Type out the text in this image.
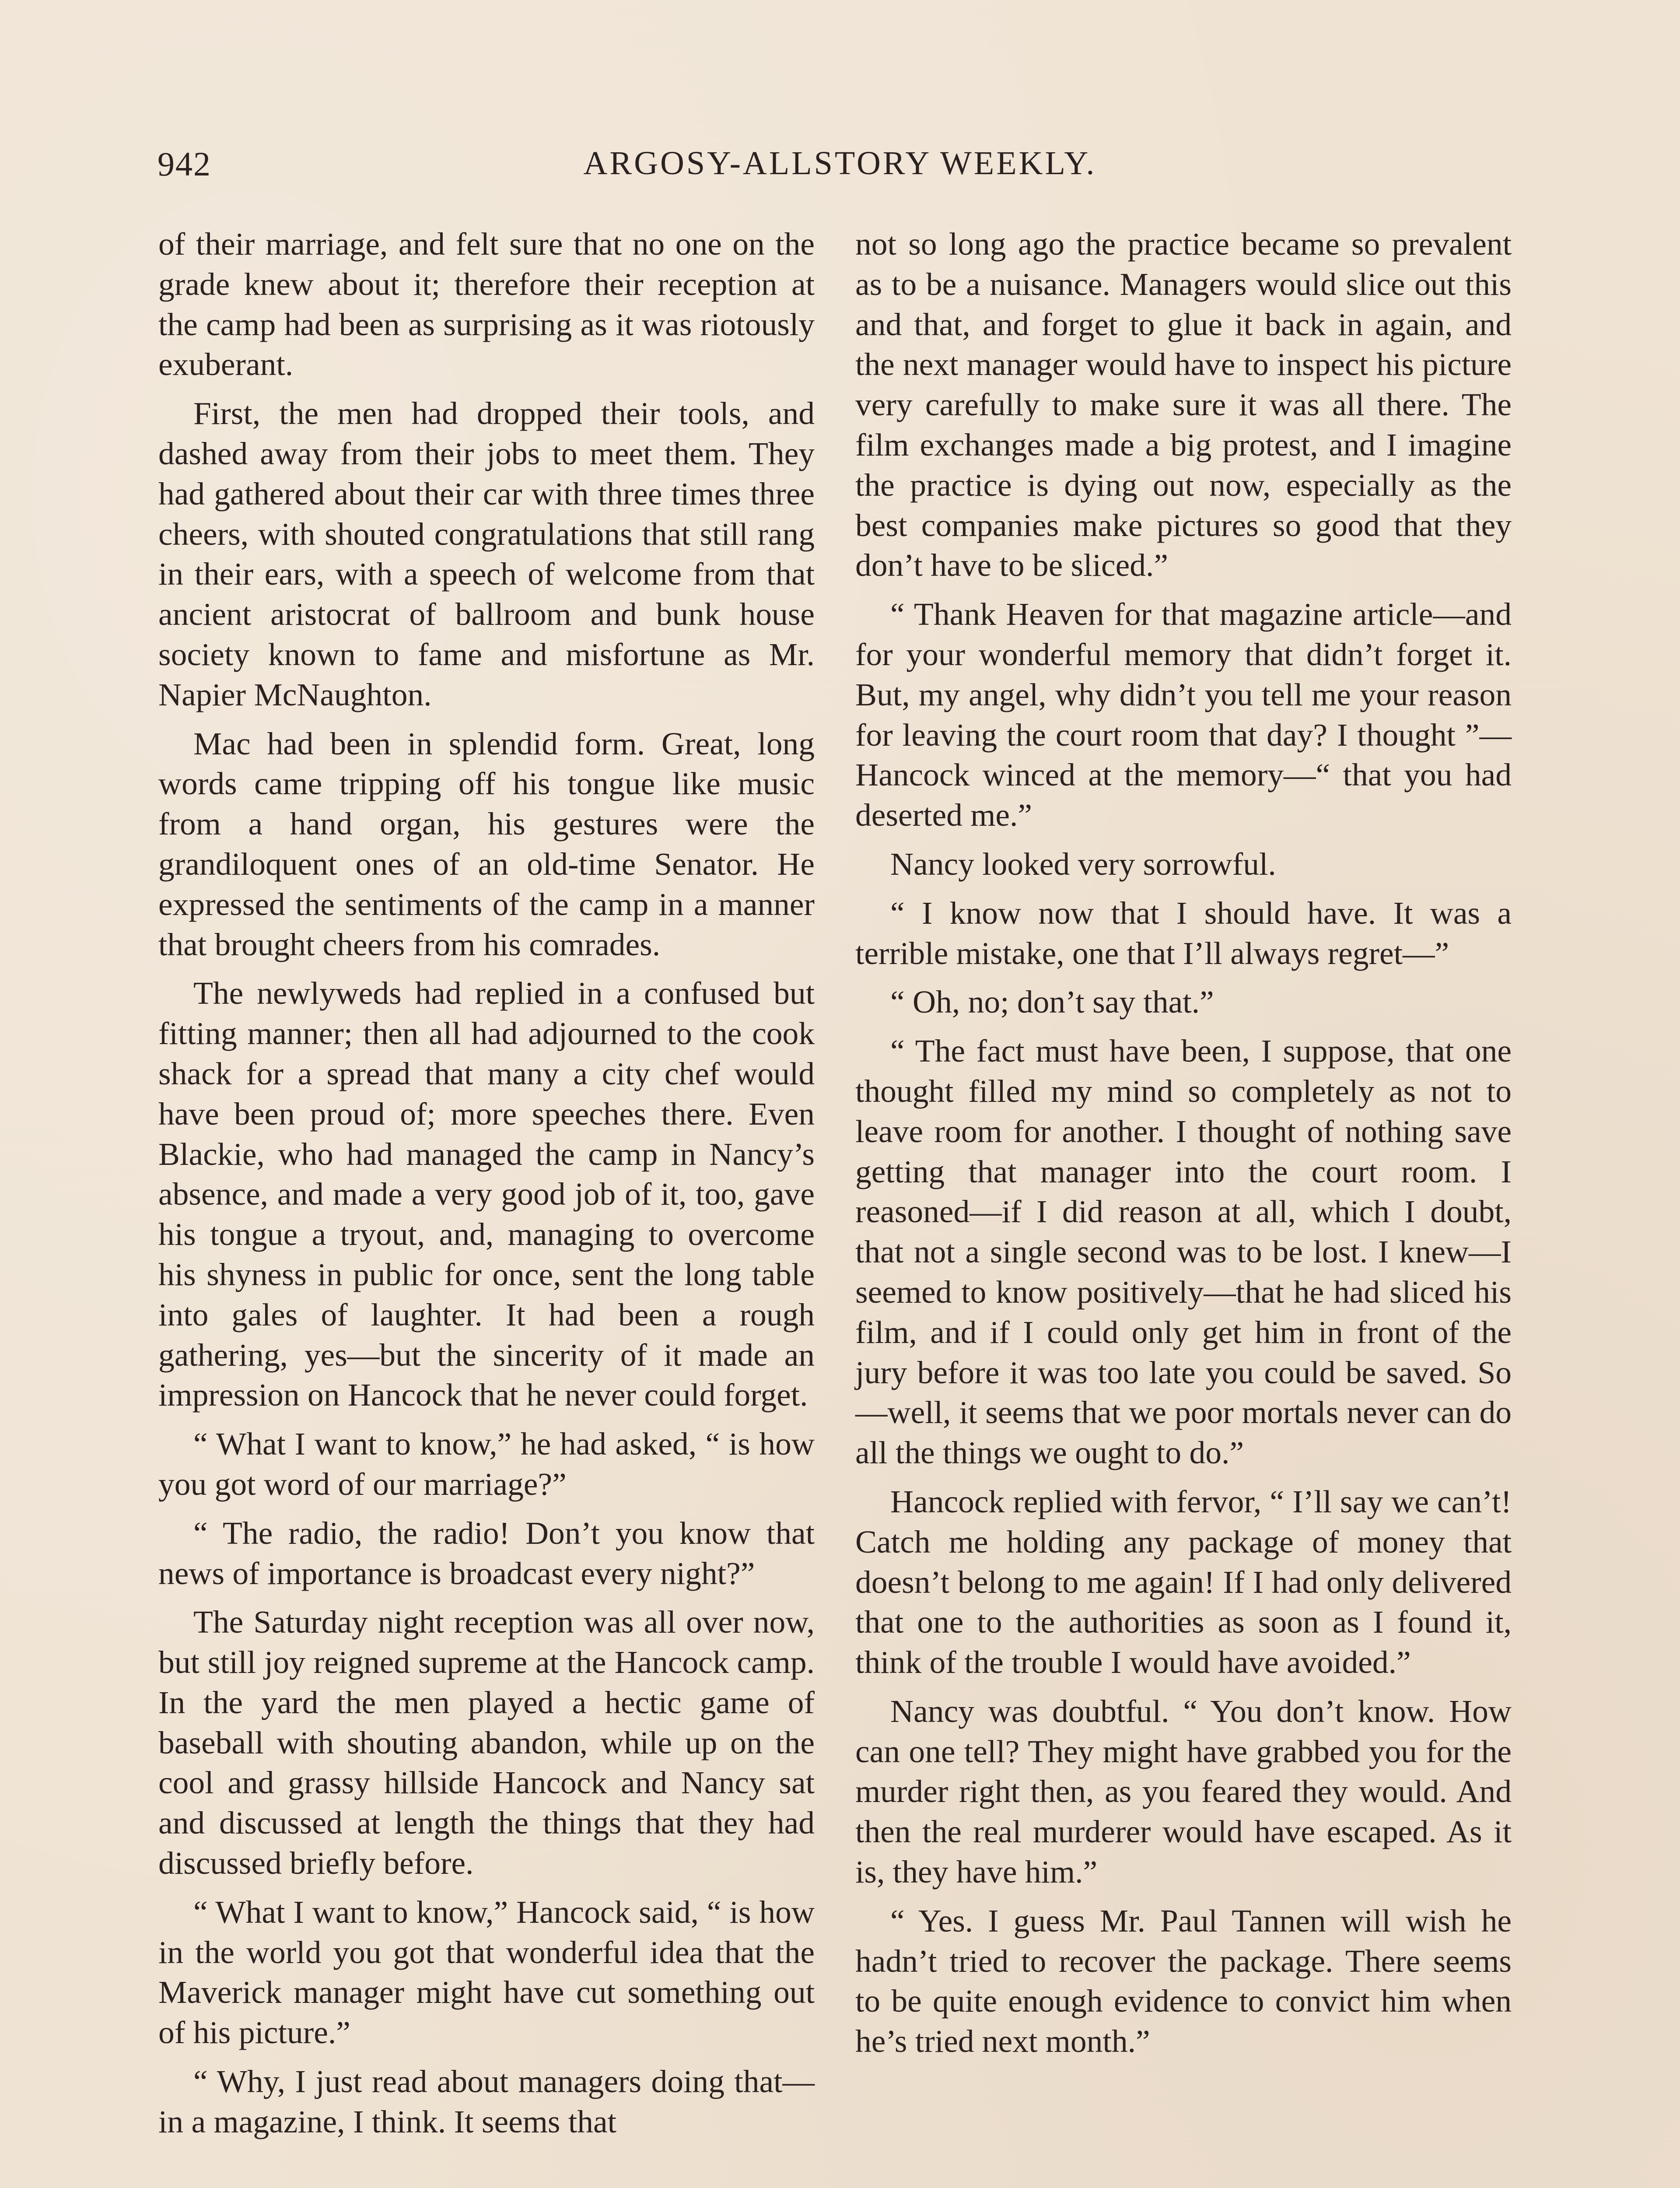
942	ARGOSY-ALLSTORY WEEKLY.

of their marriage, and felt sure that no one on the grade knew about it; therefore their reception at the camp had been as surprising as it was riotously exuberant.

First, the men had dropped their tools, and dashed away from their jobs to meet them. They had gathered about their car with three times three cheers, with shouted congratulations that still rang in their ears, with a speech of welcome from that ancient aristocrat of ballroom and bunk house society known to fame and misfortune as Mr. Napier McNaughton.

Mac had been in splendid form. Great, long words came tripping off his tongue like music from a hand organ, his gestures were the grandiloquent ones of an old-time Senator. He expressed the sentiments of the camp in a manner that brought cheers from his comrades.

The newlyweds had replied in a confused but fitting manner; then all had adjourned to the cook shack for a spread that many a city chef would have been proud of; more speeches there. Even Blackie, who had managed the camp in Nancy’s absence, and made a very good job of it, too, gave his tongue a tryout, and, managing to overcome his shyness in public for once, sent the long table into gales of laughter. It had been a rough gathering, yes—but the sincerity of it made an impression on Hancock that he never could forget.

“ What I want to know,” he had asked, “ is how you got word of our marriage?”

“ The radio, the radio! Don’t you know that news of importance is broadcast every night?”

The Saturday night reception was all over now, but still joy reigned supreme at the Hancock camp. In the yard the men played a hectic game of baseball with shouting abandon, while up on the cool and grassy hillside Hancock and Nancy sat and discussed at length the things that they had discussed briefly before.

“ What I want to know,” Hancock said, “ is how in the world you got that wonderful idea that the Maverick manager might have cut something out of his picture.”

“ Why, I just read about managers doing that—in a magazine, I think. It seems that

not so long ago the practice became so prevalent as to be a nuisance. Managers would slice out this and that, and forget to glue it back in again, and the next manager would have to inspect his picture very carefully to make sure it was all there. The film exchanges made a big protest, and I imagine the practice is dying out now, especially as the best companies make pictures so good that they don’t have to be sliced.”

“ Thank Heaven for that magazine article—and for your wonderful memory that didn’t forget it. But, my angel, why didn’t you tell me your reason for leaving the court room that day? I thought ”—Hancock winced at the memory—“ that you had deserted me.”

Nancy looked very sorrowful.

“ I know now that I should have. It was a terrible mistake, one that I’ll always regret—”

“ Oh, no; don’t say that.”

“ The fact must have been, I suppose, that one thought filled my mind so completely as not to leave room for another. I thought of nothing save getting that manager into the court room. I reasoned—if I did reason at all, which I doubt, that not a single second was to be lost. I knew—I seemed to know positively—that he had sliced his film, and if I could only get him in front of the jury before it was too late you could be saved. So—well, it seems that we poor mortals never can do all the things we ought to do.”

Hancock replied with fervor, “ I’ll say we can’t! Catch me holding any package of money that doesn’t belong to me again! If I had only delivered that one to the authorities as soon as I found it, think of the trouble I would have avoided.”

Nancy was doubtful. “ You don’t know. How can one tell? They might have grabbed you for the murder right then, as you feared they would. And then the real murderer would have escaped. As it is, they have him.”

“ Yes. I guess Mr. Paul Tannen will wish he hadn’t tried to recover the package. There seems to be quite enough evidence to convict him when he’s tried next month.”
